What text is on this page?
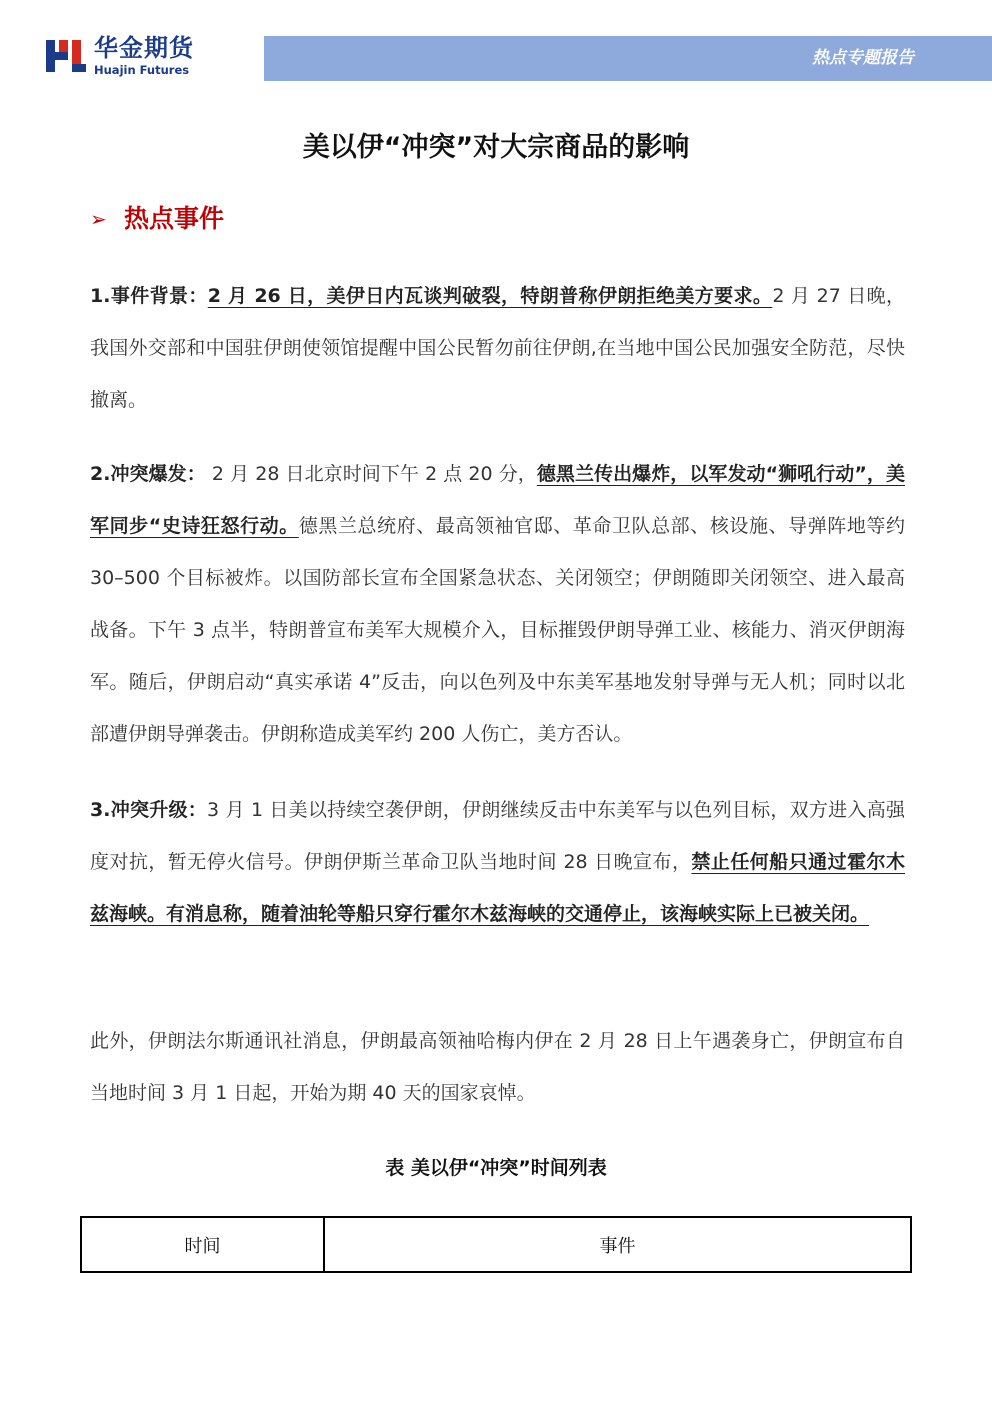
华金期货
Huajin Futures
热点专题报告
美以伊“冲突”对大宗商品的影响
➢ 热点事件
1.事件背景：2 月 26 日，美伊日内瓦谈判破裂，特朗普称伊朗拒绝美方要求。2 月 27 日晚，我国外交部和中国驻伊朗使领馆提醒中国公民暂勿前往伊朗,在当地中国公民加强安全防范，尽快撤离。
2.冲突爆发： 2 月 28 日北京时间下午 2 点 20 分，德黑兰传出爆炸，以军发动“狮吼行动”，美军同步“史诗狂怒行动。德黑兰总统府、最高领袖官邸、革命卫队总部、核设施、导弹阵地等约 30–500 个目标被炸。以国防部长宣布全国紧急状态、关闭领空；伊朗随即关闭领空、进入最高战备。下午 3 点半，特朗普宣布美军大规模介入，目标摧毁伊朗导弹工业、核能力、消灭伊朗海军。随后，伊朗启动“真实承诺 4”反击，向以色列及中东美军基地发射导弹与无人机；同时以北部遭伊朗导弹袭击。伊朗称造成美军约 200 人伤亡，美方否认。
3.冲突升级：3 月 1 日美以持续空袭伊朗，伊朗继续反击中东美军与以色列目标，双方进入高强度对抗，暂无停火信号。伊朗伊斯兰革命卫队当地时间 28 日晚宣布，禁止任何船只通过霍尔木兹海峡。有消息称，随着油轮等船只穿行霍尔木兹海峡的交通停止，该海峡实际上已被关闭。
此外，伊朗法尔斯通讯社消息，伊朗最高领袖哈梅内伊在 2 月 28 日上午遇袭身亡，伊朗宣布自当地时间 3 月 1 日起，开始为期 40 天的国家哀悼。
表 美以伊“冲突”时间列表
时间	事件
